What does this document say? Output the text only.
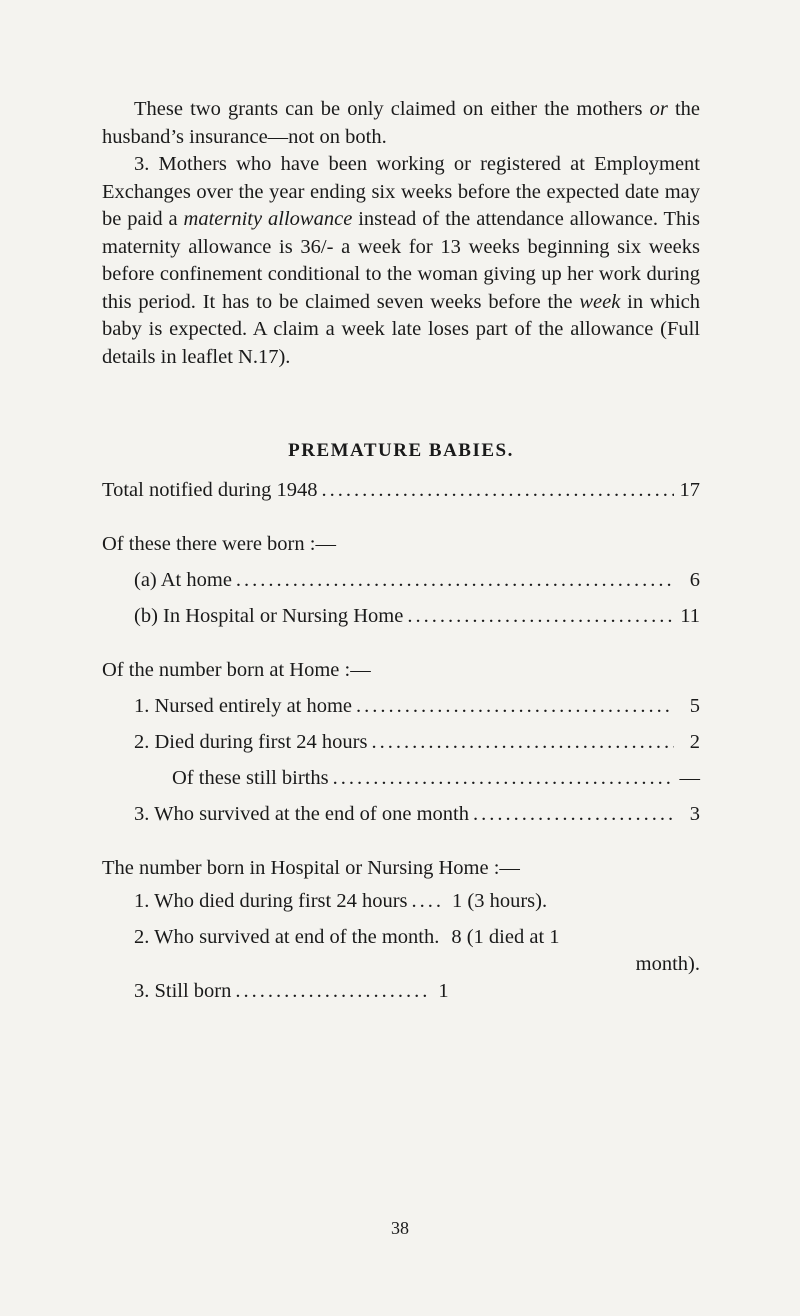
These two grants can be only claimed on either the mothers or the husband’s insurance—not on both.

3. Mothers who have been working or registered at Employment Exchanges over the year ending six weeks before the expected date may be paid a maternity allowance instead of the attendance allowance. This maternity allowance is 36/- a week for 13 weeks beginning six weeks before confinement conditional to the woman giving up her work during this period. It has to be claimed seven weeks before the week in which baby is expected. A claim a week late loses part of the allowance (Full details in leaflet N.17).

PREMATURE BABIES.
Total notified during 1948 .....	17

Of these there were born :—

(a) At home .....	6
(b) In Hospital or Nursing Home .....	11

Of the number born at Home :—

1. Nursed entirely at home .....	5
2. Died during first 24 hours .....	2
Of these still births .....	—
3. Who survived at the end of one month .....	3

The number born in Hospital or Nursing Home :—

1. Who died during first 24 hours .... 1 (3 hours).
2. Who survived at end of the month. 8 (1 died at 1
month).
3. Still born ........................ 1
38
